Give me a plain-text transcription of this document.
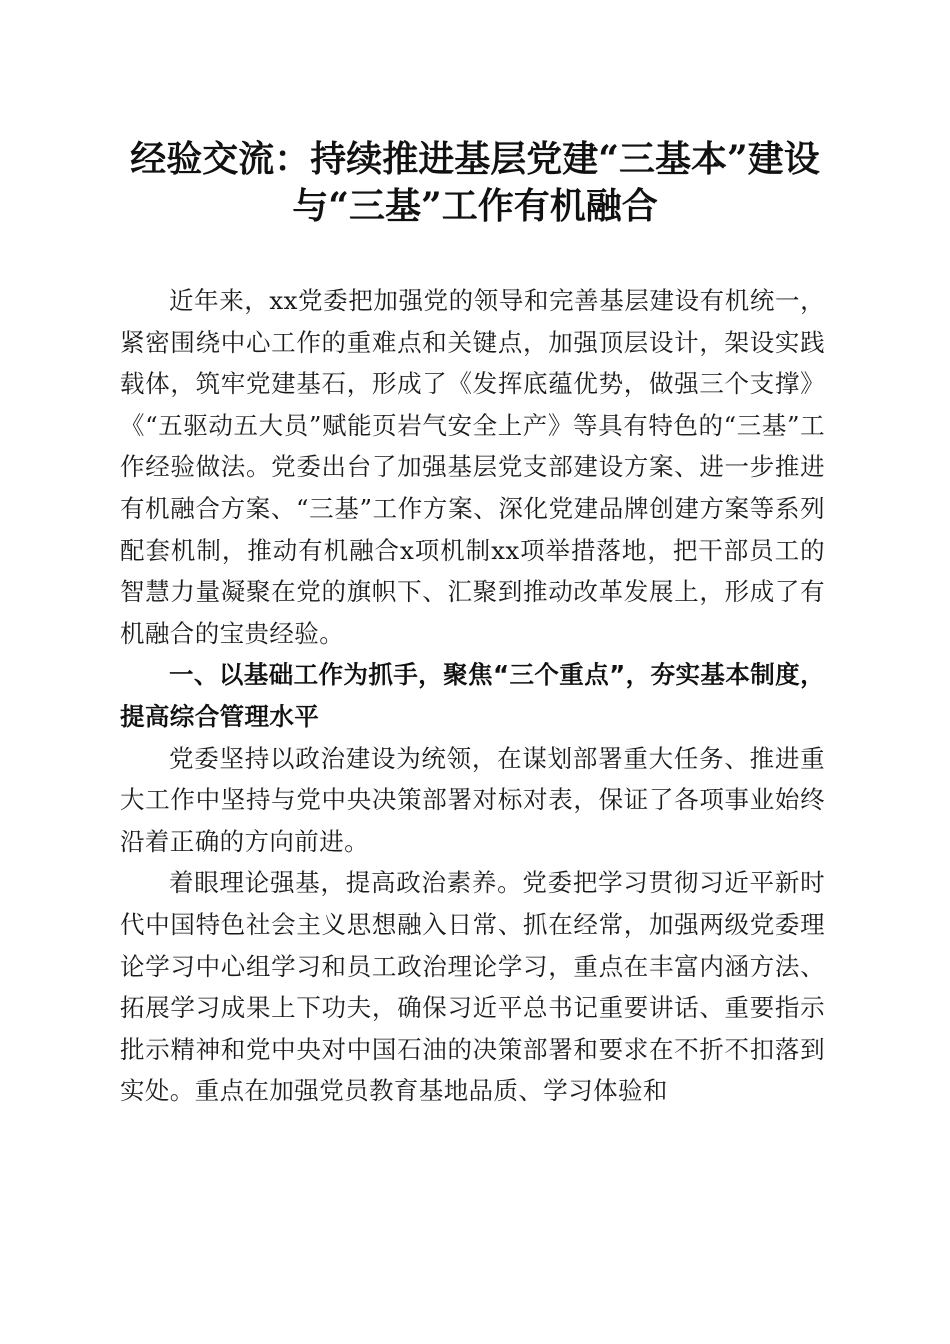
经验交流：持续推进基层党建“三基本”建设
与“三基”工作有机融合

近年来，xx党委把加强党的领导和完善基层建设有机统一，紧密围绕中心工作的重难点和关键点，加强顶层设计，架设实践载体，筑牢党建基石，形成了《发挥底蕴优势，做强三个支撑》《“五驱动五大员”赋能页岩气安全上产》等具有特色的“三基”工作经验做法。党委出台了加强基层党支部建设方案、进一步推进有机融合方案、“三基”工作方案、深化党建品牌创建方案等系列配套机制，推动有机融合x项机制xx项举措落地，把干部员工的智慧力量凝聚在党的旗帜下、汇聚到推动改革发展上，形成了有机融合的宝贵经验。

一、以基础工作为抓手，聚焦“三个重点”，夯实基本制度，提高综合管理水平

党委坚持以政治建设为统领，在谋划部署重大任务、推进重大工作中坚持与党中央决策部署对标对表，保证了各项事业始终沿着正确的方向前进。

着眼理论强基，提高政治素养。党委把学习贯彻习近平新时代中国特色社会主义思想融入日常、抓在经常，加强两级党委理论学习中心组学习和员工政治理论学习，重点在丰富内涵方法、拓展学习成果上下功夫，确保习近平总书记重要讲话、重要指示批示精神和党中央对中国石油的决策部署和要求在不折不扣落到实处。重点在加强党员教育基地品质、学习体验和
